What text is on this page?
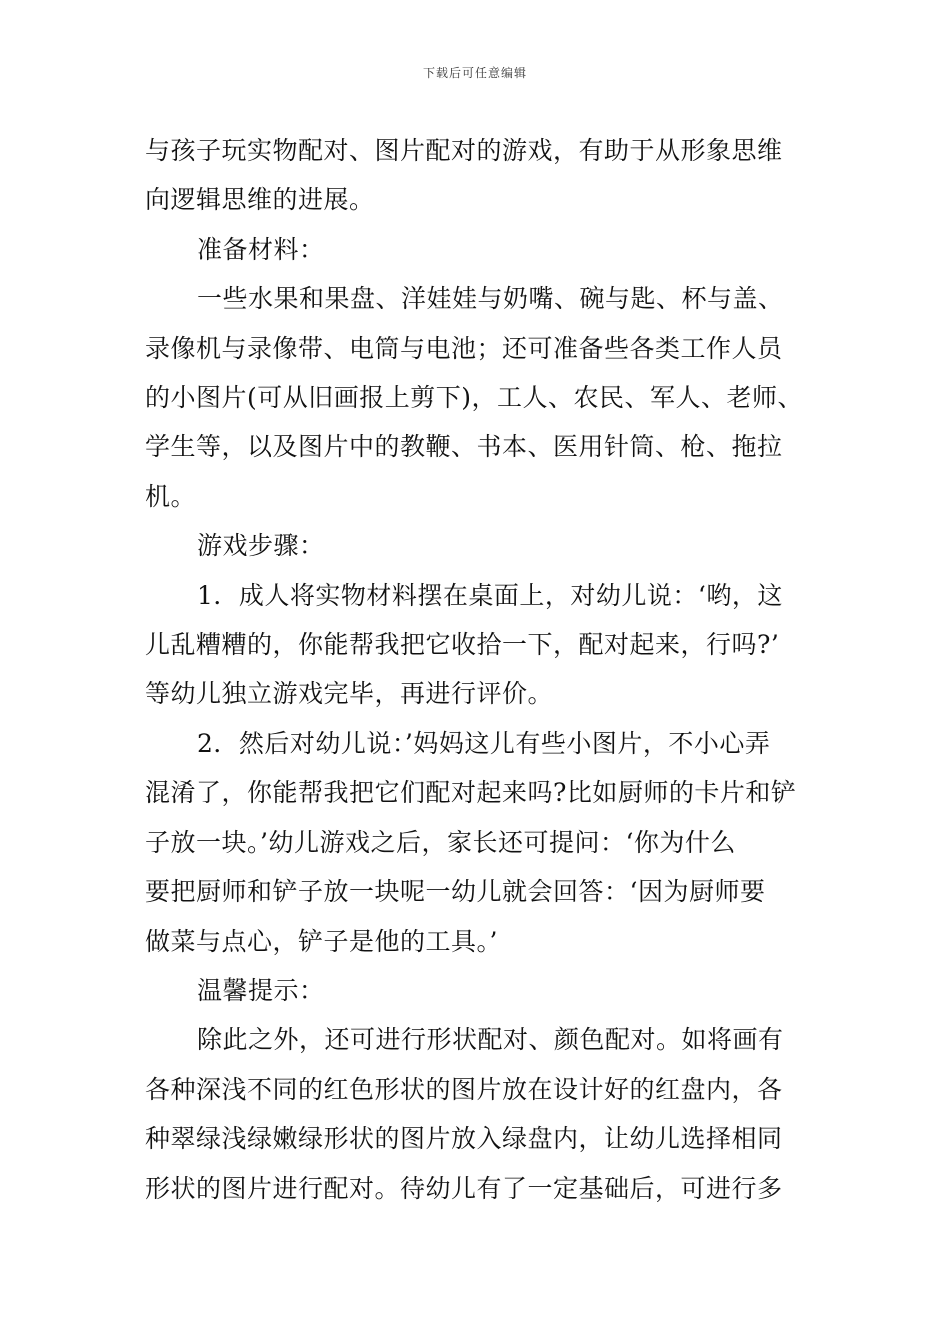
下载后可任意编辑

与孩子玩实物配对、图片配对的游戏，有助于从形象思维

向逻辑思维的进展。

准备材料：

一些水果和果盘、洋娃娃与奶嘴、碗与匙、杯与盖、

录像机与录像带、电筒与电池；还可准备些各类工作人员

的小图片(可从旧画报上剪下)，工人、农民、军人、老师、

学生等，以及图片中的教鞭、书本、医用针筒、枪、拖拉

机。

游戏步骤：

1．成人将实物材料摆在桌面上，对幼儿说：‘哟，这

儿乱糟糟的，你能帮我把它收拾一下，配对起来，行吗?’

等幼儿独立游戏完毕，再进行评价。

2．然后对幼儿说：’妈妈这儿有些小图片，不小心弄

混淆了，你能帮我把它们配对起来吗?比如厨师的卡片和铲

子放一块。’幼儿游戏之后，家长还可提问：‘你为什么

要把厨师和铲子放一块呢一幼儿就会回答：‘因为厨师要

做菜与点心，铲子是他的工具。’

温馨提示：

除此之外，还可进行形状配对、颜色配对。如将画有

各种深浅不同的红色形状的图片放在设计好的红盘内，各

种翠绿浅绿嫩绿形状的图片放入绿盘内，让幼儿选择相同

形状的图片进行配对。待幼儿有了一定基础后，可进行多
